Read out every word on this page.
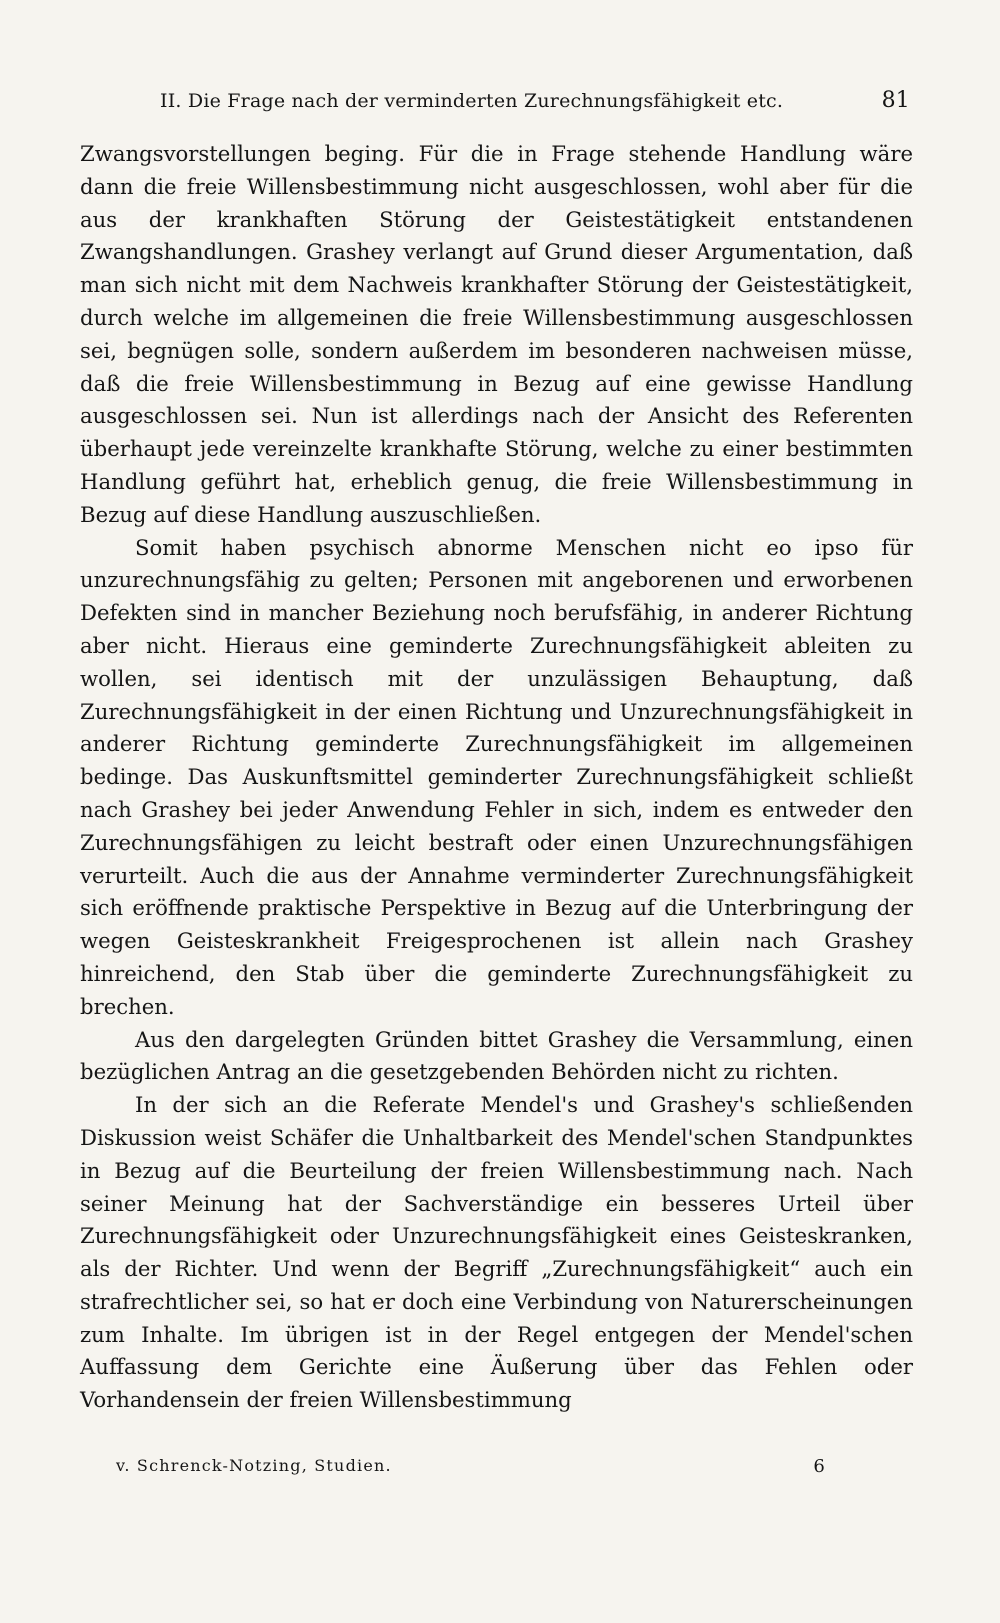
II. Die Frage nach der verminderten Zurechnungsfähigkeit etc.	81

Zwangsvorstellungen beging. Für die in Frage stehende Handlung wäre dann die freie Willensbestimmung nicht ausgeschlossen, wohl aber für die aus der krankhaften Störung der Geistestätigkeit entstandenen Zwangshandlungen. Grashey verlangt auf Grund dieser Argumentation, daß man sich nicht mit dem Nachweis krankhafter Störung der Geistestätigkeit, durch welche im allgemeinen die freie Willensbestimmung ausgeschlossen sei, begnügen solle, sondern außerdem im besonderen nachweisen müsse, daß die freie Willensbestimmung in Bezug auf eine gewisse Handlung ausgeschlossen sei. Nun ist allerdings nach der Ansicht des Referenten überhaupt jede vereinzelte krankhafte Störung, welche zu einer bestimmten Handlung geführt hat, erheblich genug, die freie Willensbestimmung in Bezug auf diese Handlung auszuschließen.

Somit haben psychisch abnorme Menschen nicht eo ipso für unzurechnungsfähig zu gelten; Personen mit angeborenen und erworbenen Defekten sind in mancher Beziehung noch berufsfähig, in anderer Richtung aber nicht. Hieraus eine geminderte Zurechnungsfähigkeit ableiten zu wollen, sei identisch mit der unzulässigen Behauptung, daß Zurechnungsfähigkeit in der einen Richtung und Unzurechnungsfähigkeit in anderer Richtung geminderte Zurechnungsfähigkeit im allgemeinen bedinge. Das Auskunftsmittel geminderter Zurechnungsfähigkeit schließt nach Grashey bei jeder Anwendung Fehler in sich, indem es entweder den Zurechnungsfähigen zu leicht bestraft oder einen Unzurechnungsfähigen verurteilt. Auch die aus der Annahme verminderter Zurechnungsfähigkeit sich eröffnende praktische Perspektive in Bezug auf die Unterbringung der wegen Geisteskrankheit Freigesprochenen ist allein nach Grashey hinreichend, den Stab über die geminderte Zurechnungsfähigkeit zu brechen.

Aus den dargelegten Gründen bittet Grashey die Versammlung, einen bezüglichen Antrag an die gesetzgebenden Behörden nicht zu richten.

In der sich an die Referate Mendel's und Grashey's schließenden Diskussion weist Schäfer die Unhaltbarkeit des Mendel'schen Standpunktes in Bezug auf die Beurteilung der freien Willensbestimmung nach. Nach seiner Meinung hat der Sachverständige ein besseres Urteil über Zurechnungsfähigkeit oder Unzurechnungsfähigkeit eines Geisteskranken, als der Richter. Und wenn der Begriff „Zurechnungsfähigkeit“ auch ein strafrechtlicher sei, so hat er doch eine Verbindung von Naturerscheinungen zum Inhalte. Im übrigen ist in der Regel entgegen der Mendel'schen Auffassung dem Gerichte eine Äußerung über das Fehlen oder Vorhandensein der freien Willensbestimmung

v. Schrenck-Notzing, Studien.	6
